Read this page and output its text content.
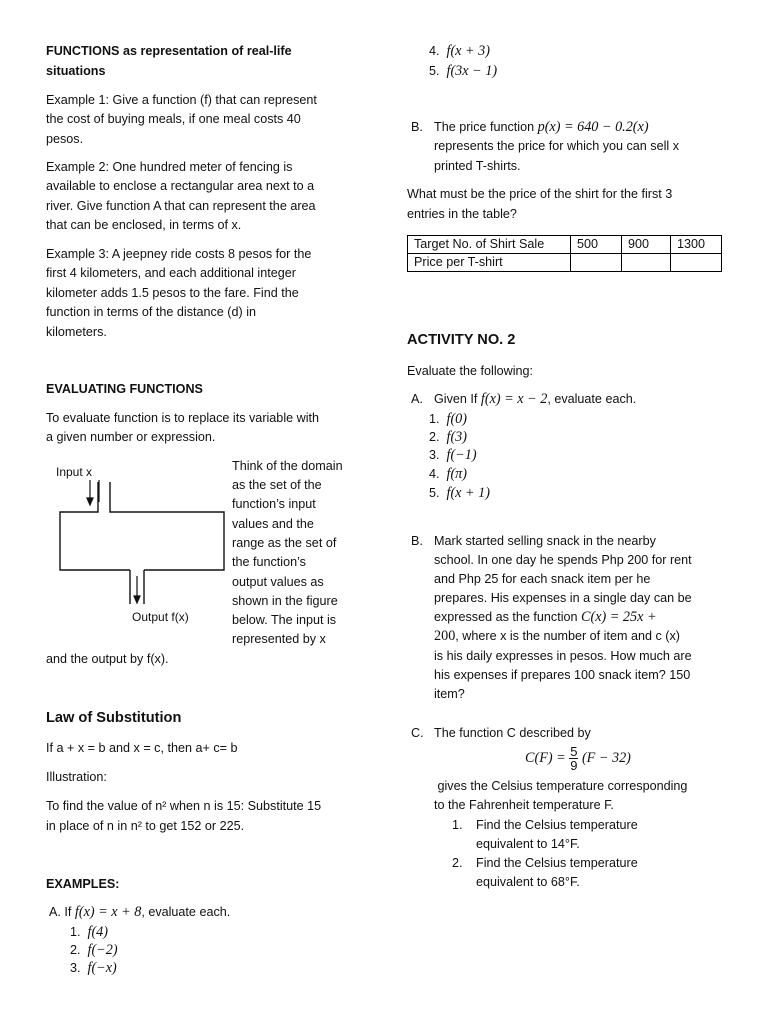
FUNCTIONS as representation of real-life

situations

Example 1: Give a function (f) that can represent

the cost of buying meals, if one meal costs 40

pesos.

Example 2: One hundred meter of fencing is

available to enclose a rectangular area next to a

river. Give function A that can represent the area

that can be enclosed, in terms of x.

Example 3: A jeepney ride costs 8 pesos for the

first 4 kilometers, and each additional integer

kilometer adds 1.5 pesos to the fare. Find the

function in terms of the distance (d) in

kilometers.

EVALUATING FUNCTIONS

To evaluate function is to replace its variable with

a given number or expression.

Input x
Output f(x)

Think of the domain

as the set of the

function’s input

values and the

range as the set of

the function’s

output values as

shown in the figure

below. The input is

represented by x

and the output by f(x).

Law of Substitution

If a + x = b and x = c, then a+ c= b

Illustration:

To find the value of n² when n is 15: Substitute 15

in place of n in n² to get 152 or 225.

EXAMPLES:

A. If f(x) = x + 8, evaluate each.

1. f(4)

2. f(−2)

3. f(−x)

4. f(x + 3)

5. f(3x − 1)

B. The price function p(x) = 640 − 0.2(x)

represents the price for which you can sell x

printed T-shirts.

What must be the price of the shirt for the first 3

entries in the table?

Target No. of Shirt Sale	500	900	1300
Price per T-shirt			

ACTIVITY NO. 2

Evaluate the following:

A. Given If f(x) = x − 2, evaluate each.

1. f(0)

2. f(3)

3. f(−1)

4. f(π)

5. f(x + 1)

B. Mark started selling snack in the nearby

school. In one day he spends Php 200 for rent

and Php 25 for each snack item per he

prepares. His expenses in a single day can be

expressed as the function C(x) = 25x +

200, where x is the number of item and c (x)

is his daily expresses in pesos. How much are

his expenses if prepares 100 snack item? 150

item?

C. The function C described by

$C(F) = \frac{5}{9} (F - 32)$

gives the Celsius temperature corresponding

to the Fahrenheit temperature F.

1. Find the Celsius temperature

equivalent to 14°F.

2. Find the Celsius temperature

equivalent to 68°F.
